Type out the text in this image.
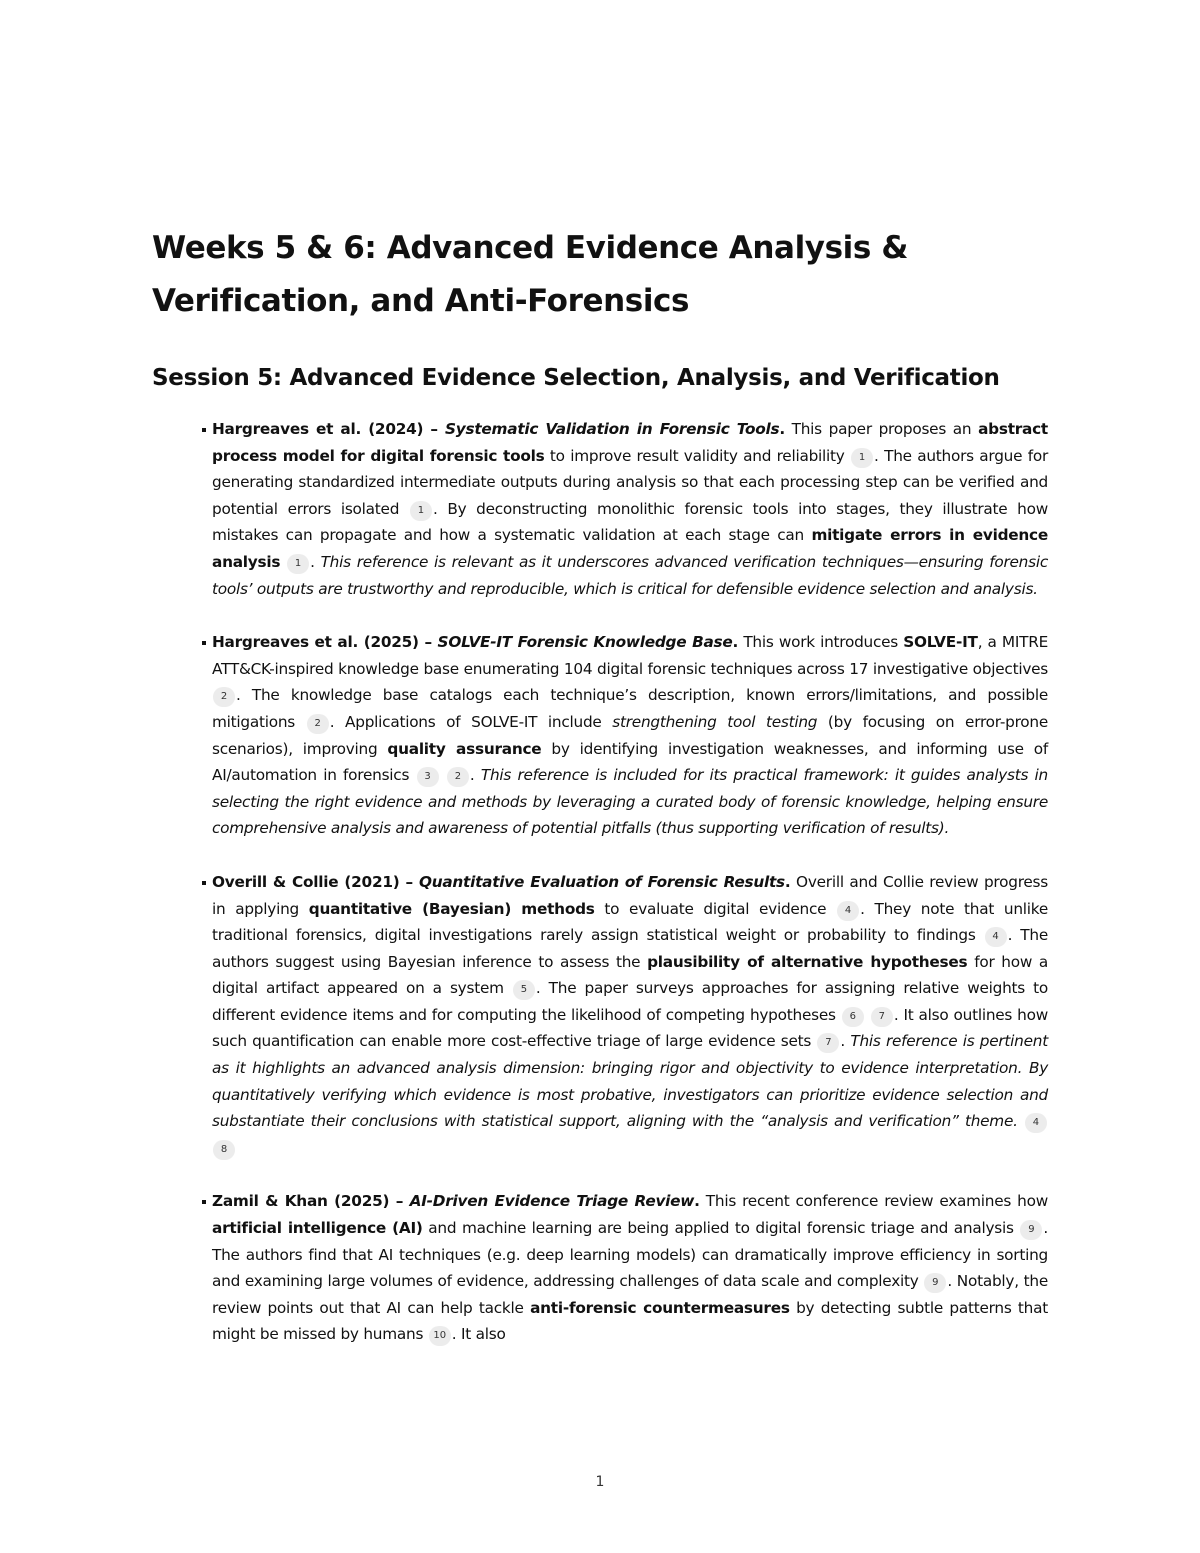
Weeks 5 & 6: Advanced Evidence Analysis & Verification, and Anti-Forensics
Session 5: Advanced Evidence Selection, Analysis, and Verification
Hargreaves et al. (2024) – Systematic Validation in Forensic Tools. This paper proposes an abstract process model for digital forensic tools to improve result validity and reliability 1 . The authors argue for generating standardized intermediate outputs during analysis so that each processing step can be verified and potential errors isolated 1 . By deconstructing monolithic forensic tools into stages, they illustrate how mistakes can propagate and how a systematic validation at each stage can mitigate errors in evidence analysis 1 . This reference is relevant as it underscores advanced verification techniques—ensuring forensic tools’ outputs are trustworthy and reproducible, which is critical for defensible evidence selection and analysis.
Hargreaves et al. (2025) – SOLVE-IT Forensic Knowledge Base. This work introduces SOLVE-IT, a MITRE ATT&CK-inspired knowledge base enumerating 104 digital forensic techniques across 17 investigative objectives 2 . The knowledge base catalogs each technique’s description, known errors/limitations, and possible mitigations 2 . Applications of SOLVE-IT include strengthening tool testing (by focusing on error-prone scenarios), improving quality assurance by identifying investigation weaknesses, and informing use of AI/automation in forensics 3 2 . This reference is included for its practical framework: it guides analysts in selecting the right evidence and methods by leveraging a curated body of forensic knowledge, helping ensure comprehensive analysis and awareness of potential pitfalls (thus supporting verification of results).
Overill & Collie (2021) – Quantitative Evaluation of Forensic Results. Overill and Collie review progress in applying quantitative (Bayesian) methods to evaluate digital evidence 4 . They note that unlike traditional forensics, digital investigations rarely assign statistical weight or probability to findings 4 . The authors suggest using Bayesian inference to assess the plausibility of alternative hypotheses for how a digital artifact appeared on a system 5 . The paper surveys approaches for assigning relative weights to different evidence items and for computing the likelihood of competing hypotheses 6 7 . It also outlines how such quantification can enable more cost-effective triage of large evidence sets 7 . This reference is pertinent as it highlights an advanced analysis dimension: bringing rigor and objectivity to evidence interpretation. By quantitatively verifying which evidence is most probative, investigators can prioritize evidence selection and substantiate their conclusions with statistical support, aligning with the “analysis and verification” theme. 4 8
Zamil & Khan (2025) – AI-Driven Evidence Triage Review. This recent conference review examines how artificial intelligence (AI) and machine learning are being applied to digital forensic triage and analysis 9 . The authors find that AI techniques (e.g. deep learning models) can dramatically improve efficiency in sorting and examining large volumes of evidence, addressing challenges of data scale and complexity 9 . Notably, the review points out that AI can help tackle anti-forensic countermeasures by detecting subtle patterns that might be missed by humans 10 . It also
1
